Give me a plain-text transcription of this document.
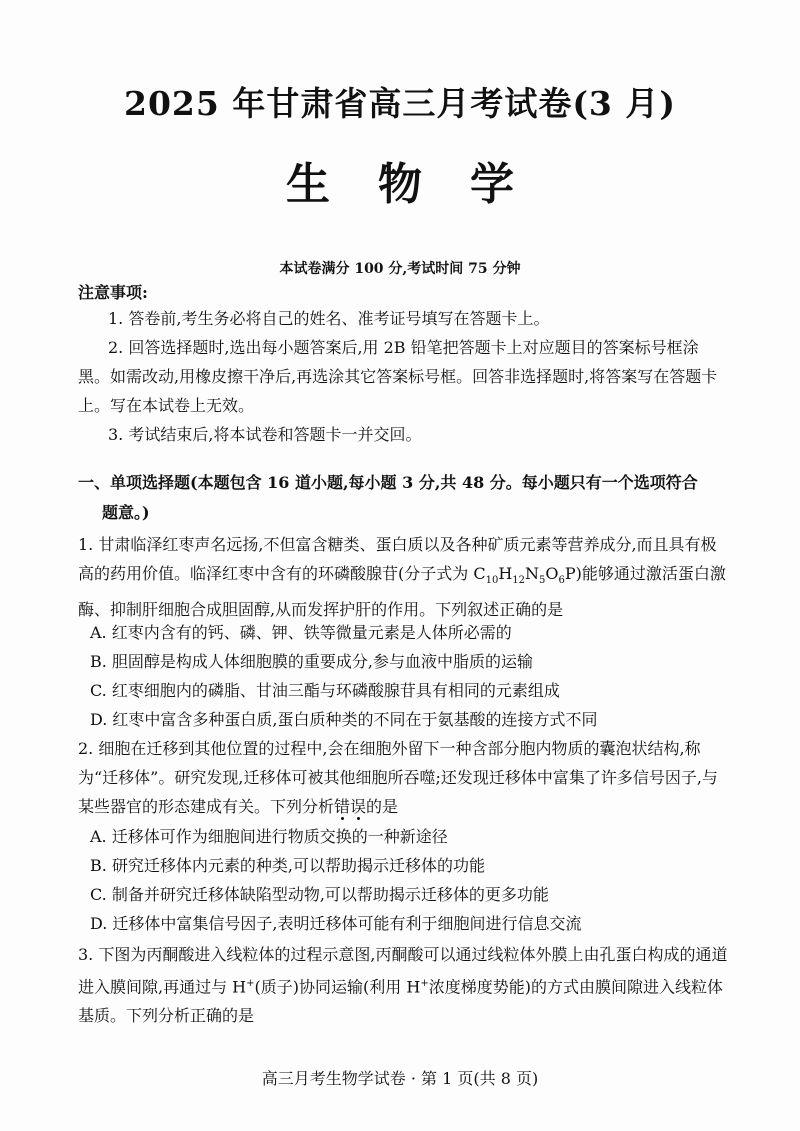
2025 年甘肃省高三月考试卷(3 月)
生物学
本试卷满分 100 分,考试时间 75 分钟
注意事项:
1. 答卷前,考生务必将自己的姓名、准考证号填写在答题卡上。
2. 回答选择题时,选出每小题答案后,用 2B 铅笔把答题卡上对应题目的答案标号框涂黑。如需改动,用橡皮擦干净后,再选涂其它答案标号框。回答非选择题时,将答案写在答题卡上。写在本试卷上无效。
3. 考试结束后,将本试卷和答题卡一并交回。
一、单项选择题(本题包含 16 道小题,每小题 3 分,共 48 分。每小题只有一个选项符合
题意。)
1. 甘肃临泽红枣声名远扬,不但富含糖类、蛋白质以及各种矿质元素等营养成分,而且具有极高的药用价值。临泽红枣中含有的环磷酸腺苷(分子式为 $C_{10}H_{12}N_5O_6P$)能够通过激活蛋白激酶、抑制肝细胞合成胆固醇,从而发挥护肝的作用。下列叙述正确的是
A. 红枣内含有的钙、磷、钾、铁等微量元素是人体所必需的
B. 胆固醇是构成人体细胞膜的重要成分,参与血液中脂质的运输
C. 红枣细胞内的磷脂、甘油三酯与环磷酸腺苷具有相同的元素组成
D. 红枣中富含多种蛋白质,蛋白质种类的不同在于氨基酸的连接方式不同
2. 细胞在迁移到其他位置的过程中,会在细胞外留下一种含部分胞内物质的囊泡状结构,称为“迁移体”。研究发现,迁移体可被其他细胞所吞噬;还发现迁移体中富集了许多信号因子,与某些器官的形态建成有关。下列分析错误的是
A. 迁移体可作为细胞间进行物质交换的一种新途径
B. 研究迁移体内元素的种类,可以帮助揭示迁移体的功能
C. 制备并研究迁移体缺陷型动物,可以帮助揭示迁移体的更多功能
D. 迁移体中富集信号因子,表明迁移体可能有利于细胞间进行信息交流
3. 下图为丙酮酸进入线粒体的过程示意图,丙酮酸可以通过线粒体外膜上由孔蛋白构成的通道进入膜间隙,再通过与 H+(质子)协同运输(利用 H+浓度梯度势能)的方式由膜间隙进入线粒体基质。下列分析正确的是
高三月考生物学试卷 · 第 1 页(共 8 页)
